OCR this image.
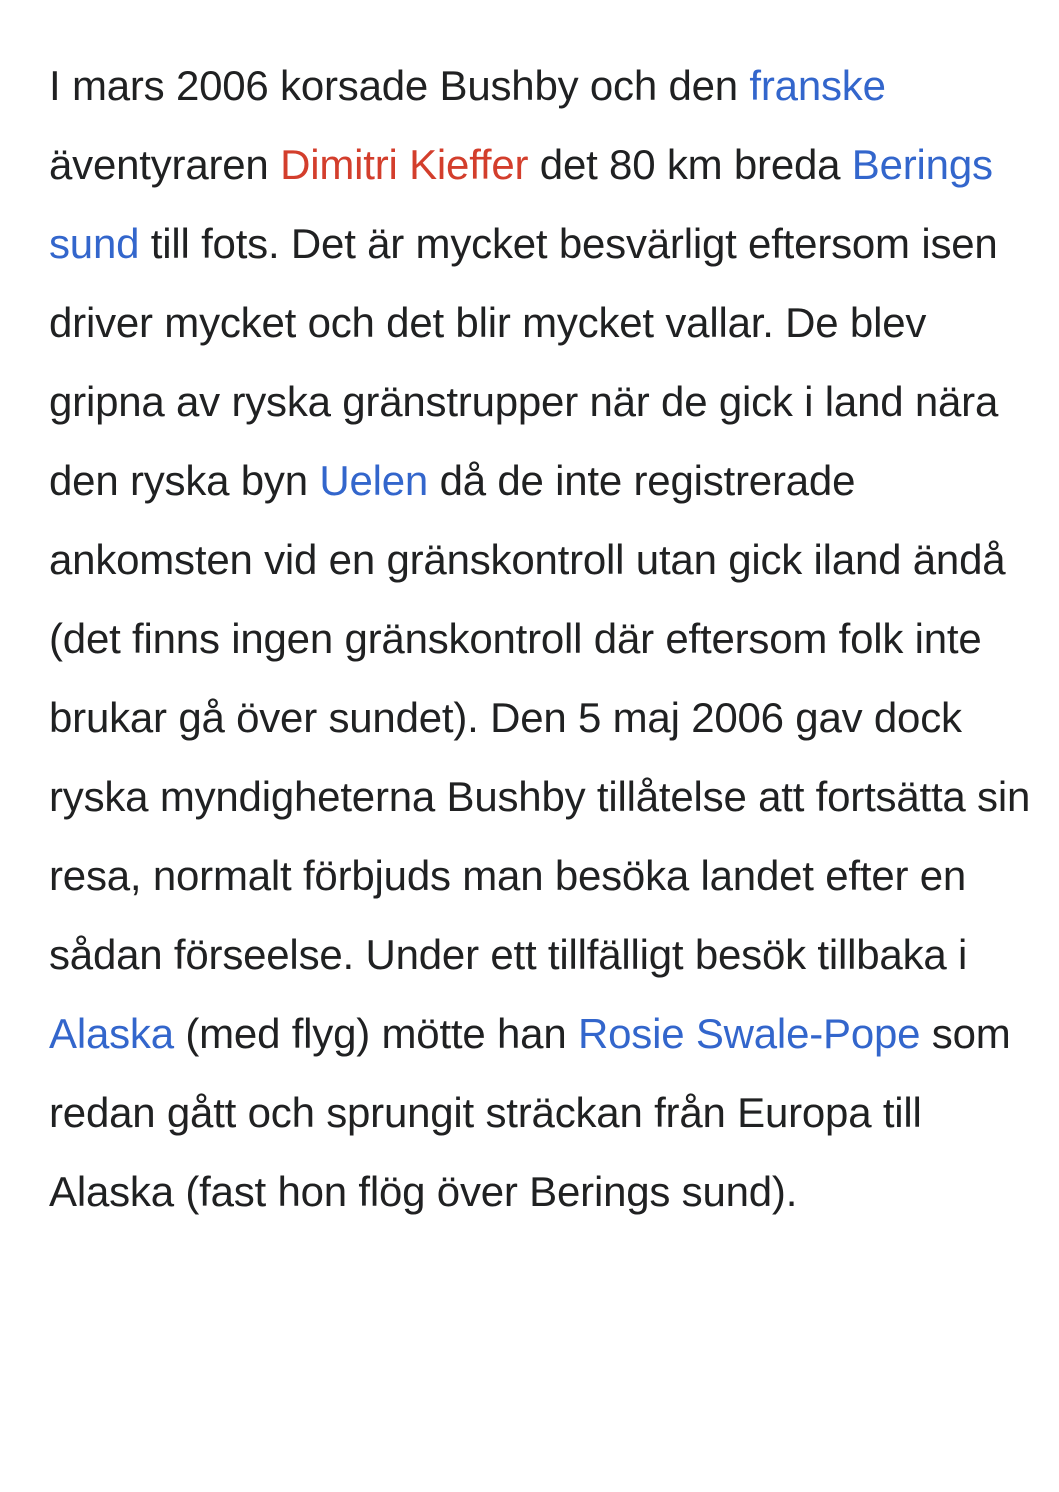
I mars 2006 korsade Bushby och den franske äventyraren Dimitri Kieffer det 80 km breda Berings sund till fots. Det är mycket besvärligt eftersom isen driver mycket och det blir mycket vallar. De blev gripna av ryska gränstrupper när de gick i land nära den ryska byn Uelen då de inte registrerade ankomsten vid en gränskontroll utan gick iland ändå (det finns ingen gränskontroll där eftersom folk inte brukar gå över sundet). Den 5 maj 2006 gav dock ryska myndigheterna Bushby tillåtelse att fortsätta sin resa, normalt förbjuds man besöka landet efter en sådan förseelse. Under ett tillfälligt besök tillbaka i Alaska (med flyg) mötte han Rosie Swale-Pope som redan gått och sprungit sträckan från Europa till Alaska (fast hon flög över Berings sund).
